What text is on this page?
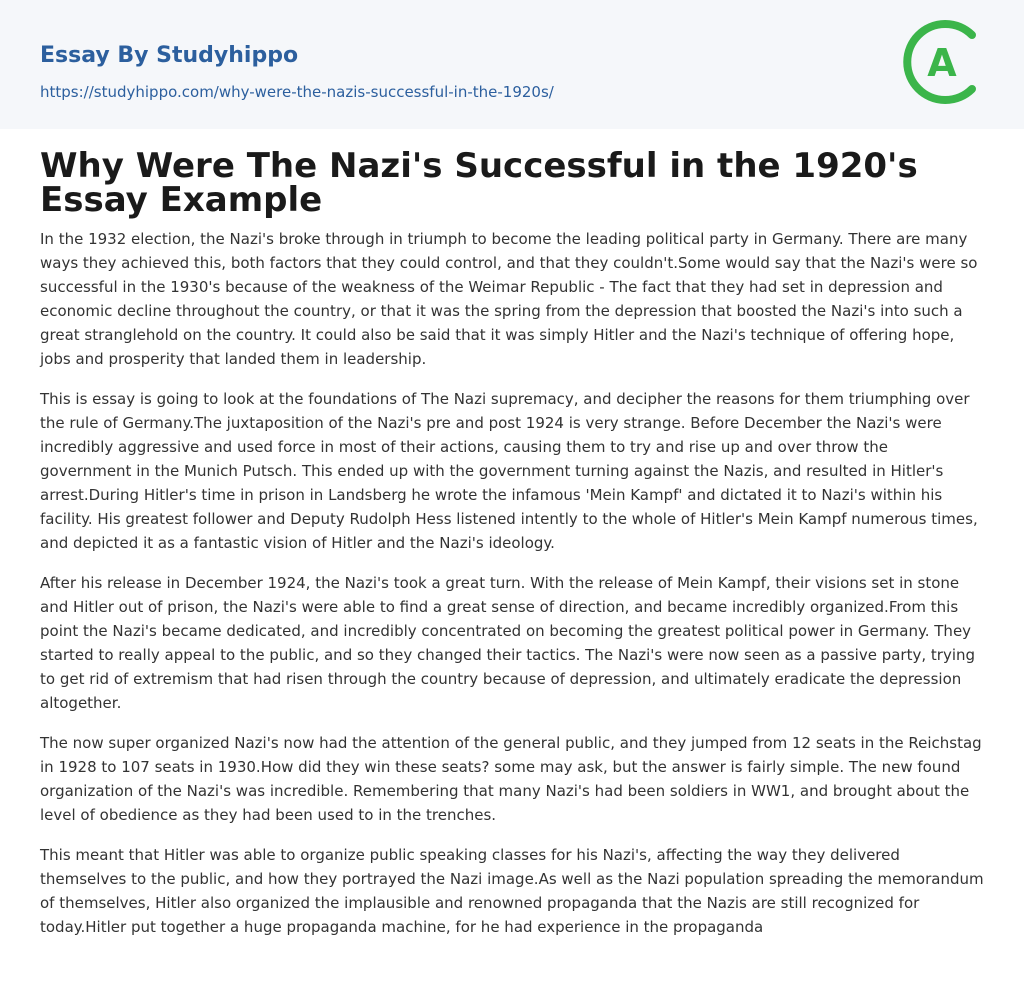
Essay By Studyhippo
https://studyhippo.com/why-were-the-nazis-successful-in-the-1920s/
A
Why Were The Nazi's Successful in the 1920's Essay Example

In the 1932 election, the Nazi's broke through in triumph to become the leading political party in Germany. There are many ways they achieved this, both factors that they could control, and that they couldn't.Some would say that the Nazi's were so successful in the 1930's because of the weakness of the Weimar Republic - The fact that they had set in depression and economic decline throughout the country, or that it was the spring from the depression that boosted the Nazi's into such a great stranglehold on the country. It could also be said that it was simply Hitler and the Nazi's technique of offering hope, jobs and prosperity that landed them in leadership.

This is essay is going to look at the foundations of The Nazi supremacy, and decipher the reasons for them triumphing over the rule of Germany.The juxtaposition of the Nazi's pre and post 1924 is very strange. Before December the Nazi's were incredibly aggressive and used force in most of their actions, causing them to try and rise up and over throw the government in the Munich Putsch. This ended up with the government turning against the Nazis, and resulted in Hitler's arrest.During Hitler's time in prison in Landsberg he wrote the infamous 'Mein Kampf' and dictated it to Nazi's within his facility. His greatest follower and Deputy Rudolph Hess listened intently to the whole of Hitler's Mein Kampf numerous times, and depicted it as a fantastic vision of Hitler and the Nazi's ideology.

After his release in December 1924, the Nazi's took a great turn. With the release of Mein Kampf, their visions set in stone and Hitler out of prison, the Nazi's were able to find a great sense of direction, and became incredibly organized.From this point the Nazi's became dedicated, and incredibly concentrated on becoming the greatest political power in Germany. They started to really appeal to the public, and so they changed their tactics. The Nazi's were now seen as a passive party, trying to get rid of extremism that had risen through the country because of depression, and ultimately eradicate the depression altogether.

The now super organized Nazi's now had the attention of the general public, and they jumped from 12 seats in the Reichstag in 1928 to 107 seats in 1930.How did they win these seats? some may ask, but the answer is fairly simple. The new found organization of the Nazi's was incredible. Remembering that many Nazi's had been soldiers in WW1, and brought about the level of obedience as they had been used to in the trenches.

This meant that Hitler was able to organize public speaking classes for his Nazi's, affecting the way they delivered themselves to the public, and how they portrayed the Nazi image.As well as the Nazi population spreading the memorandum of themselves, Hitler also organized the implausible and renowned propaganda that the Nazis are still recognized for today.Hitler put together a huge propaganda machine, for he had experience in the propaganda
